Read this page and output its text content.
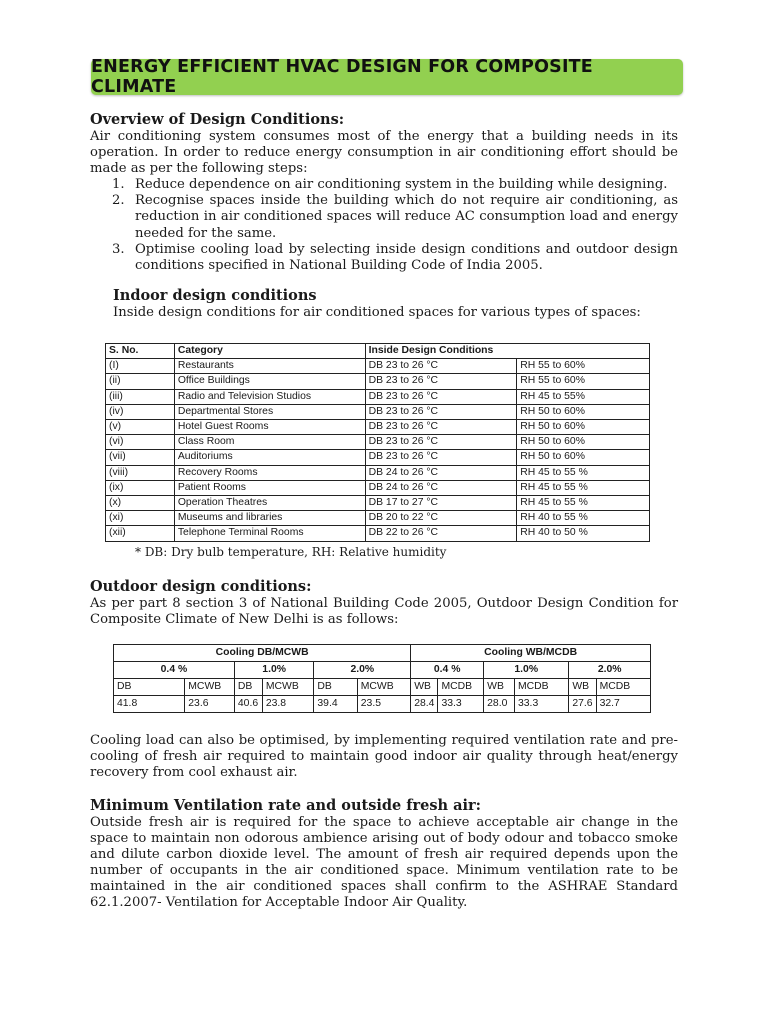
ENERGY EFFICIENT HVAC DESIGN FOR COMPOSITE CLIMATE
Overview of Design Conditions:

Air conditioning system consumes most of the energy that a building needs in its operation. In order to reduce energy consumption in air conditioning effort should be made as per the following steps:

1. Reduce dependence on air conditioning system in the building while designing.
2. Recognise spaces inside the building which do not require air conditioning, as reduction in air conditioned spaces will reduce AC consumption load and energy needed for the same.
3. Optimise cooling load by selecting inside design conditions and outdoor design conditions specified in National Building Code of India 2005.
Indoor design conditions

Inside design conditions for air conditioned spaces for various types of spaces:

S. No.	Category	Inside Design Conditions	
(I)	Restaurants	DB 23 to 26 °C	RH 55 to 60%
(ii)	Office Buildings	DB 23 to 26 °C	RH 55 to 60%
(iii)	Radio and Television Studios	DB 23 to 26 °C	RH 45 to 55%
(iv)	Departmental Stores	DB 23 to 26 °C	RH 50 to 60%
(v)	Hotel Guest Rooms	DB 23 to 26 °C	RH 50 to 60%
(vi)	Class Room	DB 23 to 26 °C	RH 50 to 60%
(vii)	Auditoriums	DB 23 to 26 °C	RH 50 to 60%
(viii)	Recovery Rooms	DB 24 to 26 °C	RH 45 to 55 %
(ix)	Patient Rooms	DB 24 to 26 °C	RH 45 to 55 %
(x)	Operation Theatres	DB 17 to 27 °C	RH 45 to 55 %
(xi)	Museums and libraries	DB 20 to 22 °C	RH 40 to 55 %
(xii)	Telephone Terminal Rooms	DB 22 to 26 °C	RH 40 to 50 %
* DB: Dry bulb temperature, RH: Relative humidity
Outdoor design conditions:

As per part 8 section 3 of National Building Code 2005, Outdoor Design Condition for Composite Climate of New Delhi is as follows:

Cooling DB/MCWB						Cooling WB/MCDB					
0.4 %		1.0%		2.0%		0.4 %		1.0%		2.0%	
DB	MCWB	DB	MCWB	DB	MCWB	WB	MCDB	WB	MCDB	WB	MCDB
41.8	23.6	40.6	23.8	39.4	23.5	28.4	33.3	28.0	33.3	27.6	32.7

Cooling load can also be optimised, by implementing required ventilation rate and pre-cooling of fresh air required to maintain good indoor air quality through heat/energy recovery from cool exhaust air.

Minimum Ventilation rate and outside fresh air:

Outside fresh air is required for the space to achieve acceptable air change in the space to maintain non odorous ambience arising out of body odour and tobacco smoke and dilute carbon dioxide level. The amount of fresh air required depends upon the number of occupants in the air conditioned space. Minimum ventilation rate to be maintained in the air conditioned spaces shall confirm to the ASHRAE Standard 62.1.2007- Ventilation for Acceptable Indoor Air Quality.
